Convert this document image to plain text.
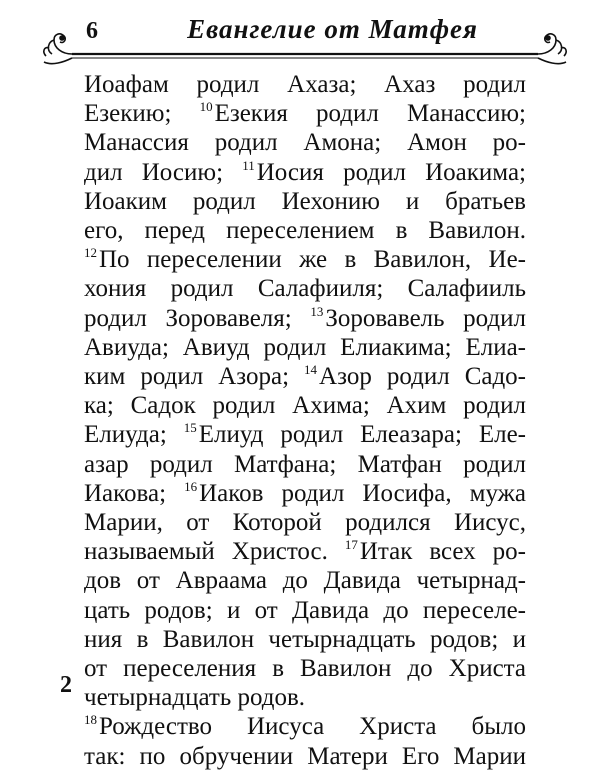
6	Евангелие от Матфея
Иоафам родил Ахаза; Ахаз родил
Езекию; $^{10}$Езекия родил Манассию;
Манассия родил Амона; Амон ро-
дил Иосию; $^{11}$Иосия родил Иоакима;
Иоаким родил Иехонию и братьев
его, перед переселением в Вавилон.
$^{12}$По переселении же в Вавилон, Ие-
хония родил Салафииля; Салафииль
родил Зоровавеля; $^{13}$Зоровавель родил
Авиуда; Авиуд родил Елиакима; Елиа-
ким родил Азора; $^{14}$Азор родил Садо-
ка; Садок родил Ахима; Ахим родил
Елиуда; $^{15}$Елиуд родил Елеазара; Еле-
азар родил Матфана; Матфан родил
Иакова; $^{16}$Иаков родил Иосифа, мужа
Марии, от Которой родился Иисус,
называемый Христос. $^{17}$Итак всех ро-
дов от Авраама до Давида четырнад-
цать родов; и от Давида до переселе-
ния в Вавилон четырнадцать родов; и
от переселения в Вавилон до Христа
четырнадцать родов.
$^{18}$Рождество Иисуса Христа было
так: по обручении Матери Его Марии
2
